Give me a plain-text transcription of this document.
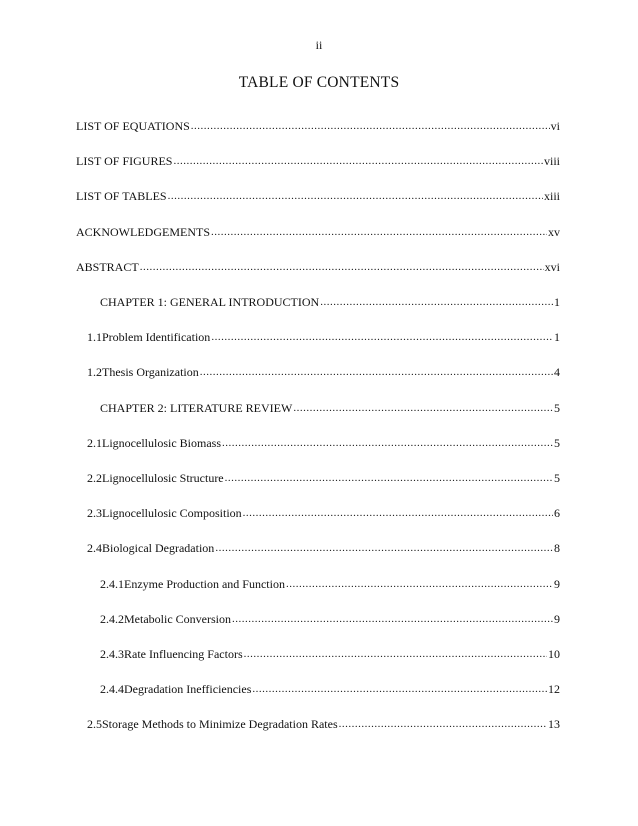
ii
TABLE OF CONTENTS
LIST OF EQUATIONS .....	vi
LIST OF FIGURES .....	viii
LIST OF TABLES .....	xiii
ACKNOWLEDGEMENTS .....	xv
ABSTRACT .....	xvi
CHAPTER 1: GENERAL INTRODUCTION .....	1
1.1 Problem Identification .....	1
1.2 Thesis Organization .....	4
CHAPTER 2: LITERATURE REVIEW .....	5
2.1 Lignocellulosic Biomass .....	5
2.2 Lignocellulosic Structure .....	5
2.3 Lignocellulosic Composition .....	6
2.4 Biological Degradation .....	8
2.4.1 Enzyme Production and Function .....	9
2.4.2 Metabolic Conversion .....	9
2.4.3 Rate Influencing Factors .....	10
2.4.4 Degradation Inefficiencies .....	12
2.5 Storage Methods to Minimize Degradation Rates .....	13
